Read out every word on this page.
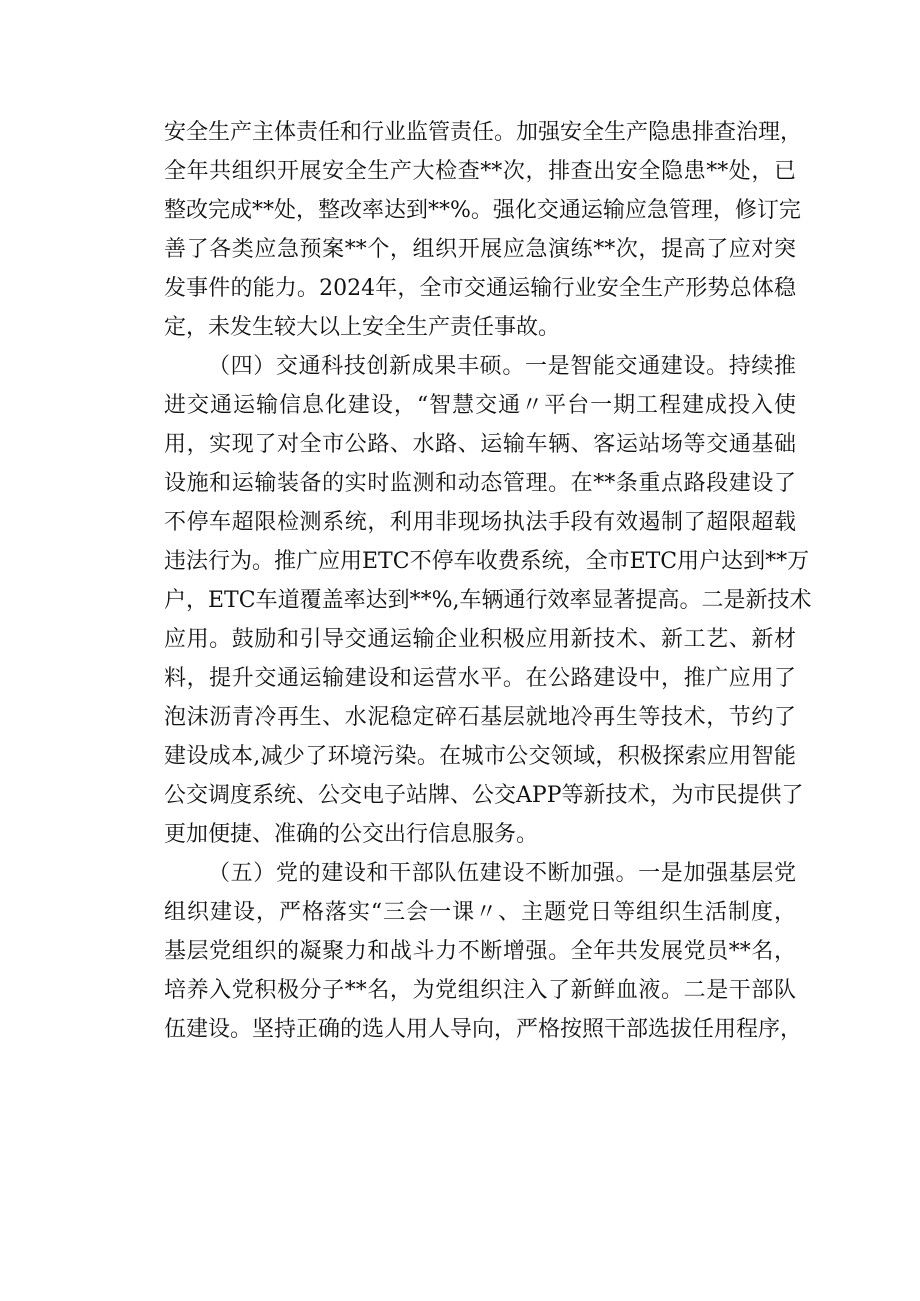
安全生产主体责任和行业监管责任。加强安全生产隐患排查治理，
全年共组织开展安全生产大检查**次，排查出安全隐患**处，已
整改完成**处，整改率达到**%。强化交通运输应急管理，修订完
善了各类应急预案**个，组织开展应急演练**次，提高了应对突
发事件的能力。2024年，全市交通运输行业安全生产形势总体稳
定，未发生较大以上安全生产责任事故。
（四）交通科技创新成果丰硕。一是智能交通建设。持续推
进交通运输信息化建设，“智慧交通〃平台一期工程建成投入使
用，实现了对全市公路、水路、运输车辆、客运站场等交通基础
设施和运输装备的实时监测和动态管理。在**条重点路段建设了
不停车超限检测系统，利用非现场执法手段有效遏制了超限超载
违法行为。推广应用ETC不停车收费系统，全市ETC用户达到**万
户，ETC车道覆盖率达到**%,车辆通行效率显著提高。二是新技术
应用。鼓励和引导交通运输企业积极应用新技术、新工艺、新材
料，提升交通运输建设和运营水平。在公路建设中，推广应用了
泡沫沥青冷再生、水泥稳定碎石基层就地冷再生等技术，节约了
建设成本,减少了环境污染。在城市公交领域，积极探索应用智能
公交调度系统、公交电子站牌、公交APP等新技术，为市民提供了
更加便捷、准确的公交出行信息服务。
（五）党的建设和干部队伍建设不断加强。一是加强基层党
组织建设，严格落实“三会一课〃、主题党日等组织生活制度，
基层党组织的凝聚力和战斗力不断增强。全年共发展党员**名，
培养入党积极分子**名，为党组织注入了新鲜血液。二是干部队
伍建设。坚持正确的选人用人导向，严格按照干部选拔任用程序，
